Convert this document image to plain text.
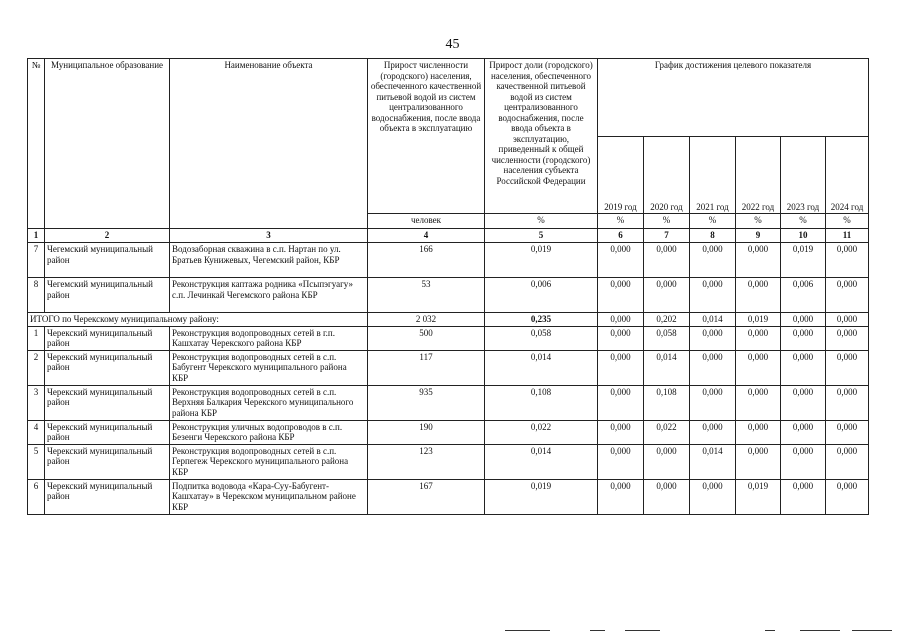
45
№	Муниципальное образование	Наименование объекта	Прирост численности (городского) населения, обеспеченного качественной питьевой водой из систем централизованного водоснабжения, после ввода объекта в эксплуатацию	Прирост доли (городского) населения, обеспеченного качественной питьевой водой из систем централизованного водоснабжения, после ввода объекта в эксплуатацию, приведенный к общей численности (городского) населения субъекта Российской Федерации	График достижения целевого показателя					
					2019 год	2020 год	2021 год	2022 год	2023 год	2024 год
			человек	%	%	%	%	%	%	%
1	2	3	4	5	6	7	8	9	10	11
7	Чегемский муниципальный район	Водозаборная скважина в с.п. Нартан по ул. Братьев Кунижевых, Чегемский район, КБР	166	0,019	0,000	0,000	0,000	0,000	0,019	0,000
8	Чегемский муниципальный район	Реконструкция каптажа родника «Псыпэгуагу» с.п. Лечинкай Чегемского района КБР	53	0,006	0,000	0,000	0,000	0,000	0,006	0,000
ИТОГО по Черекскому муниципальному району:			2 032	0,235	0,000	0,202	0,014	0,019	0,000	0,000
1	Черекский муниципальный район	Реконструкция водопроводных сетей в г.п. Кашхатау Черекского района КБР	500	0,058	0,000	0,058	0,000	0,000	0,000	0,000
2	Черекский муниципальный район	Реконструкция водопроводных сетей в с.п. Бабугент Черекского муниципального района КБР	117	0,014	0,000	0,014	0,000	0,000	0,000	0,000
3	Черекский муниципальный район	Реконструкция водопроводных сетей в с.п. Верхняя Балкария Черекского муниципального района КБР	935	0,108	0,000	0,108	0,000	0,000	0,000	0,000
4	Черекский муниципальный район	Реконструкция уличных водопроводов в с.п. Безенги Черекского района КБР	190	0,022	0,000	0,022	0,000	0,000	0,000	0,000
5	Черекский муниципальный район	Реконструкция водопроводных сетей в с.п. Герпегеж Черекского муниципального района КБР	123	0,014	0,000	0,000	0,014	0,000	0,000	0,000
6	Черекский муниципальный район	Подпитка водовода «Кара-Суу-Бабугент-Кашхатау» в Черекском муниципальном районе КБР	167	0,019	0,000	0,000	0,000	0,019	0,000	0,000
